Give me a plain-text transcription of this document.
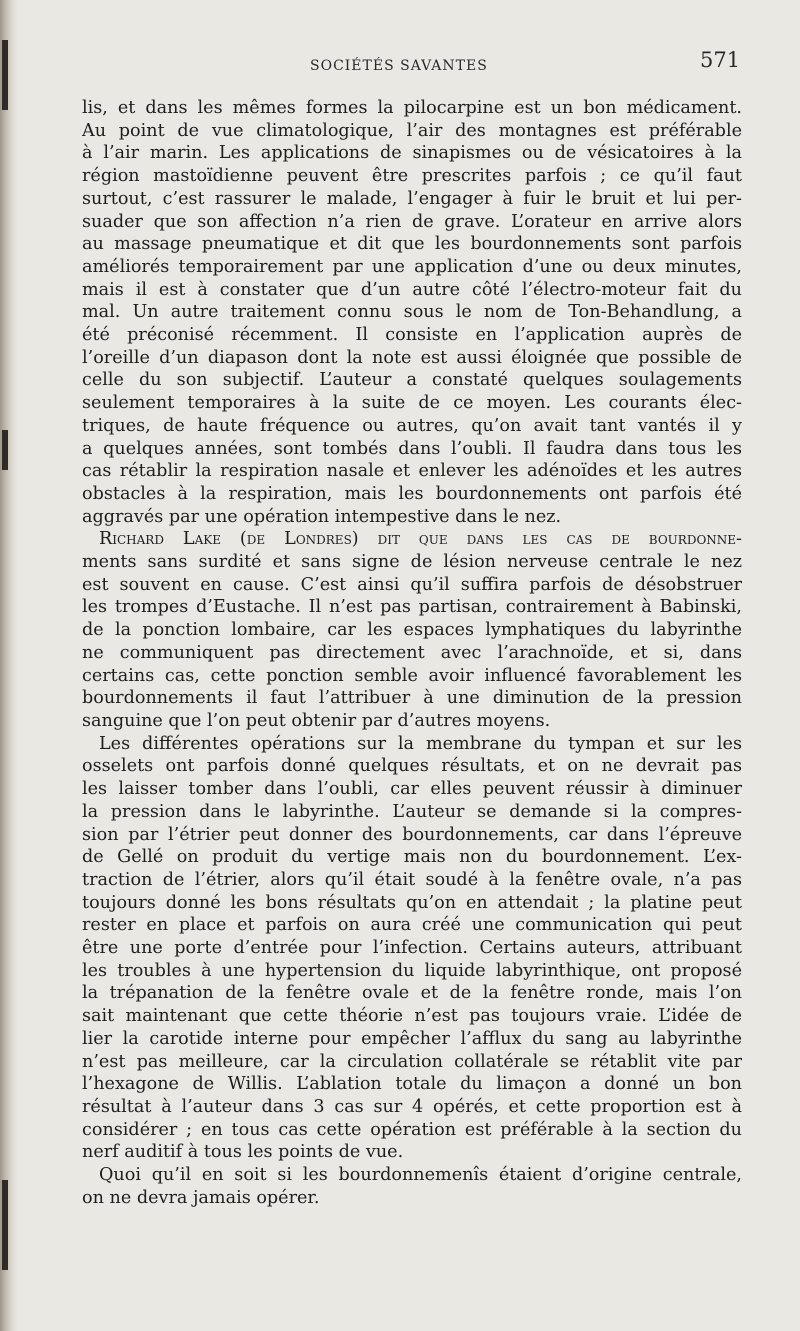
SOCIÉTÉS SAVANTES	571
lis, et dans les mêmes formes la pilocarpine est un bon médicament.
Au point de vue climatologique, l’air des montagnes est préférable
à l’air marin. Les applications de sinapismes ou de vésicatoires à la
région mastoïdienne peuvent être prescrites parfois ; ce qu’il faut
surtout, c’est rassurer le malade, l’engager à fuir le bruit et lui per-
suader que son affection n’a rien de grave. L’orateur en arrive alors
au massage pneumatique et dit que les bourdonnements sont parfois
améliorés temporairement par une application d’une ou deux minutes,
mais il est à constater que d’un autre côté l’électro-moteur fait du
mal. Un autre traitement connu sous le nom de Ton-Behandlung, a
été préconisé récemment. Il consiste en l’application auprès de
l’oreille d’un diapason dont la note est aussi éloignée que possible de
celle du son subjectif. L’auteur a constaté quelques soulagements
seulement temporaires à la suite de ce moyen. Les courants élec-
triques, de haute fréquence ou autres, qu’on avait tant vantés il y
a quelques années, sont tombés dans l’oubli. Il faudra dans tous les
cas rétablir la respiration nasale et enlever les adénoïdes et les autres
obstacles à la respiration, mais les bourdonnements ont parfois été
aggravés par une opération intempestive dans le nez.
Richard Lake (de Londres) dit que dans les cas de bourdonne-
ments sans surdité et sans signe de lésion nerveuse centrale le nez
est souvent en cause. C’est ainsi qu’il suffira parfois de désobstruer
les trompes d’Eustache. Il n’est pas partisan, contrairement à Babinski,
de la ponction lombaire, car les espaces lymphatiques du labyrinthe
ne communiquent pas directement avec l’arachnoïde, et si, dans
certains cas, cette ponction semble avoir influencé favorablement les
bourdonnements il faut l’attribuer à une diminution de la pression
sanguine que l’on peut obtenir par d’autres moyens.
Les différentes opérations sur la membrane du tympan et sur les
osselets ont parfois donné quelques résultats, et on ne devrait pas
les laisser tomber dans l’oubli, car elles peuvent réussir à diminuer
la pression dans le labyrinthe. L’auteur se demande si la compres-
sion par l’étrier peut donner des bourdonnements, car dans l’épreuve
de Gellé on produit du vertige mais non du bourdonnement. L’ex-
traction de l’étrier, alors qu’il était soudé à la fenêtre ovale, n’a pas
toujours donné les bons résultats qu’on en attendait ; la platine peut
rester en place et parfois on aura créé une communication qui peut
être une porte d’entrée pour l’infection. Certains auteurs, attribuant
les troubles à une hypertension du liquide labyrinthique, ont proposé
la trépanation de la fenêtre ovale et de la fenêtre ronde, mais l’on
sait maintenant que cette théorie n’est pas toujours vraie. L’idée de
lier la carotide interne pour empêcher l’afflux du sang au labyrinthe
n’est pas meilleure, car la circulation collatérale se rétablit vite par
l’hexagone de Willis. L’ablation totale du limaçon a donné un bon
résultat à l’auteur dans 3 cas sur 4 opérés, et cette proportion est à
considérer ; en tous cas cette opération est préférable à la section du
nerf auditif à tous les points de vue.
Quoi qu’il en soit si les bourdonnemenîs étaient d’origine centrale,
on ne devra jamais opérer.
